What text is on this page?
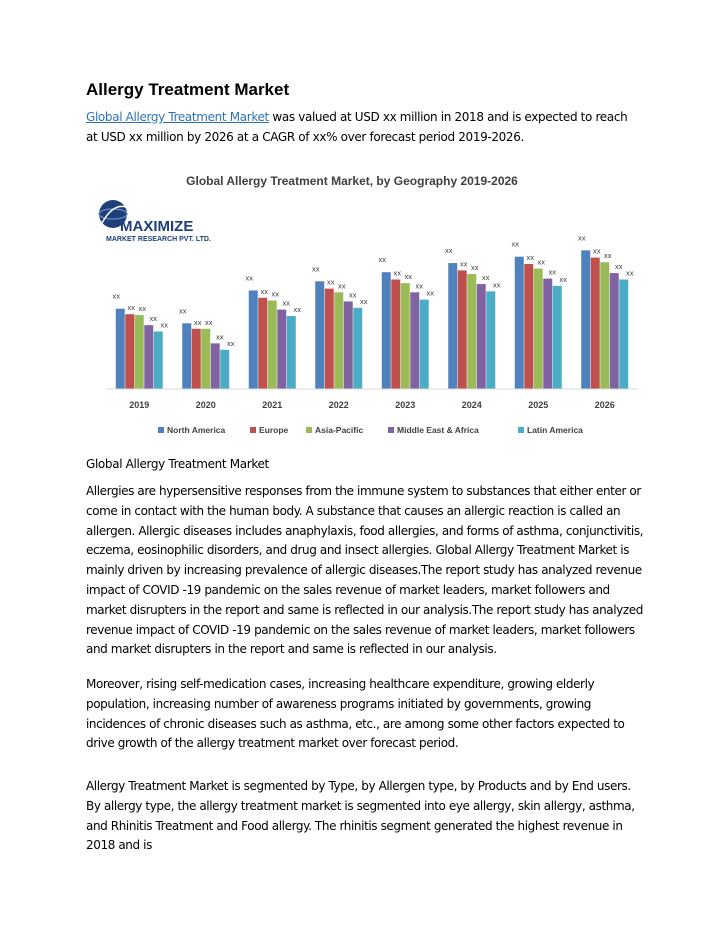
Allergy Treatment Market
Global Allergy Treatment Market was valued at USD xx million in 2018 and is expected to reach at USD xx million by 2026 at a CAGR of xx% over forecast period 2019-2026.
Global Allergy Treatment Market, by Geography 2019-2026
MAXIMIZE
MARKET RESEARCH PVT. LTD.
xx
xx xx
xx
xx
xx
xx xx
xx
xx
xx
xx xx
xx
xx
xx
xx xx
xx
xx
xx
xx xx
xx
xx
xx
xx xx
xx
xx
xx
xx
xx
xx
xx
xx
xx
xx
xx
xx
2019	2020	2021	2022	2023	2024	2025	2026
North America	Europe	Asia-Pacific	Middle East & Africa	Latin America
Global Allergy Treatment Market

Allergies are hypersensitive responses from the immune system to substances that either enter or come in contact with the human body. A substance that causes an allergic reaction is called an allergen. Allergic diseases includes anaphylaxis, food allergies, and forms of asthma, conjunctivitis, eczema, eosinophilic disorders, and drug and insect allergies. Global Allergy Treatment Market is mainly driven by increasing prevalence of allergic diseases.The report study has analyzed revenue impact of COVID -19 pandemic on the sales revenue of market leaders, market followers and market disrupters in the report and same is reflected in our analysis.The report study has analyzed revenue impact of COVID -19 pandemic on the sales revenue of market leaders, market followers and market disrupters in the report and same is reflected in our analysis.

Moreover, rising self-medication cases, increasing healthcare expenditure, growing elderly population, increasing number of awareness programs initiated by governments, growing incidences of chronic diseases such as asthma, etc., are among some other factors expected to drive growth of the allergy treatment market over forecast period.

Allergy Treatment Market is segmented by Type, by Allergen type, by Products and by End users. By allergy type, the allergy treatment market is segmented into eye allergy, skin allergy, asthma, and Rhinitis Treatment and Food allergy. The rhinitis segment generated the highest revenue in 2018 and is
